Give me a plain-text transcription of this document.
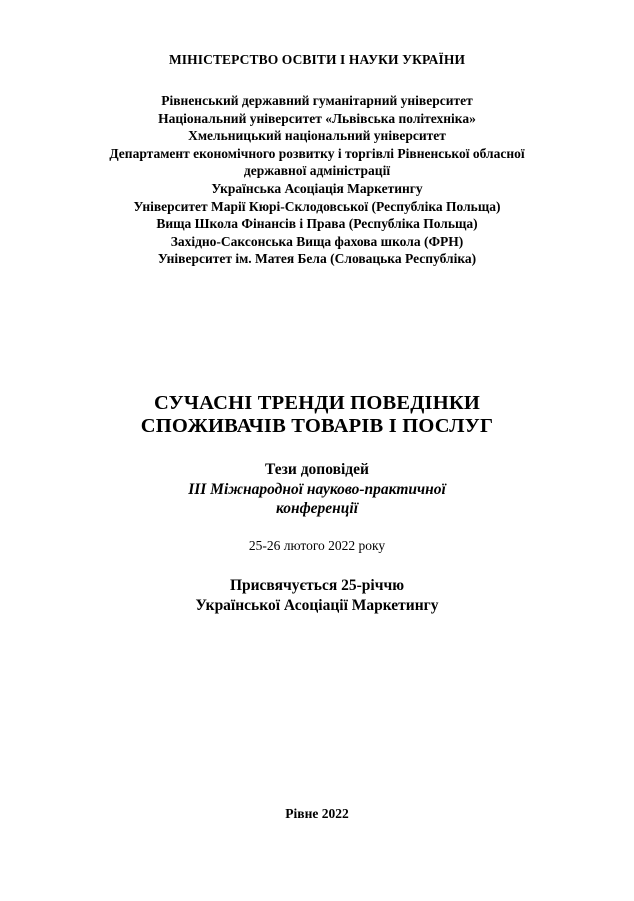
МІНІСТЕРСТВО ОСВІТИ І НАУКИ УКРАЇНИ
Рівненський державний гуманітарний університет
Національний університет «Львівська політехніка»
Хмельницький національний університет
Департамент економічного розвитку і торгівлі Рівненської обласної
державної адміністрації
Українська Асоціація Маркетингу
Університет Марії Кюрі-Склодовської (Республіка Польща)
Вища Школа Фінансів і Права (Республіка Польща)
Західно-Саксонська Вища фахова школа (ФРН)
Університет ім. Матея Бела (Словацька Республіка)
СУЧАСНІ ТРЕНДИ ПОВЕДІНКИ
СПОЖИВАЧІВ ТОВАРІВ І ПОСЛУГ
Тези доповідей
III Міжнародної науково-практичної
конференції
25-26 лютого 2022 року
Присвячується 25-річчю
Української Асоціації Маркетингу
Рівне 2022
